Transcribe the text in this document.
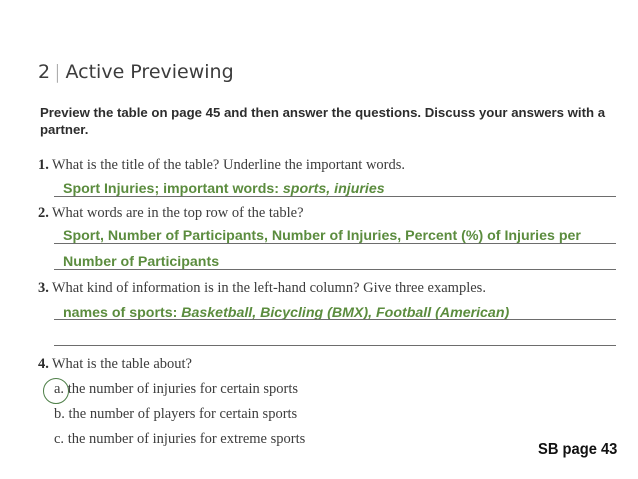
2 | Active Previewing
Preview the table on page 45 and then answer the questions. Discuss your answers with a partner.
1. What is the title of the table? Underline the important words.
Sport Injuries; important words: sports, injuries
2. What words are in the top row of the table?
Sport, Number of Participants, Number of Injuries, Percent (%) of Injuries per
Number of Participants
3. What kind of information is in the left-hand column? Give three examples.
names of sports: Basketball, Bicycling (BMX), Football (American)
4. What is the table about?
a. the number of injuries for certain sports
b. the number of players for certain sports
c. the number of injuries for extreme sports
SB page 43
